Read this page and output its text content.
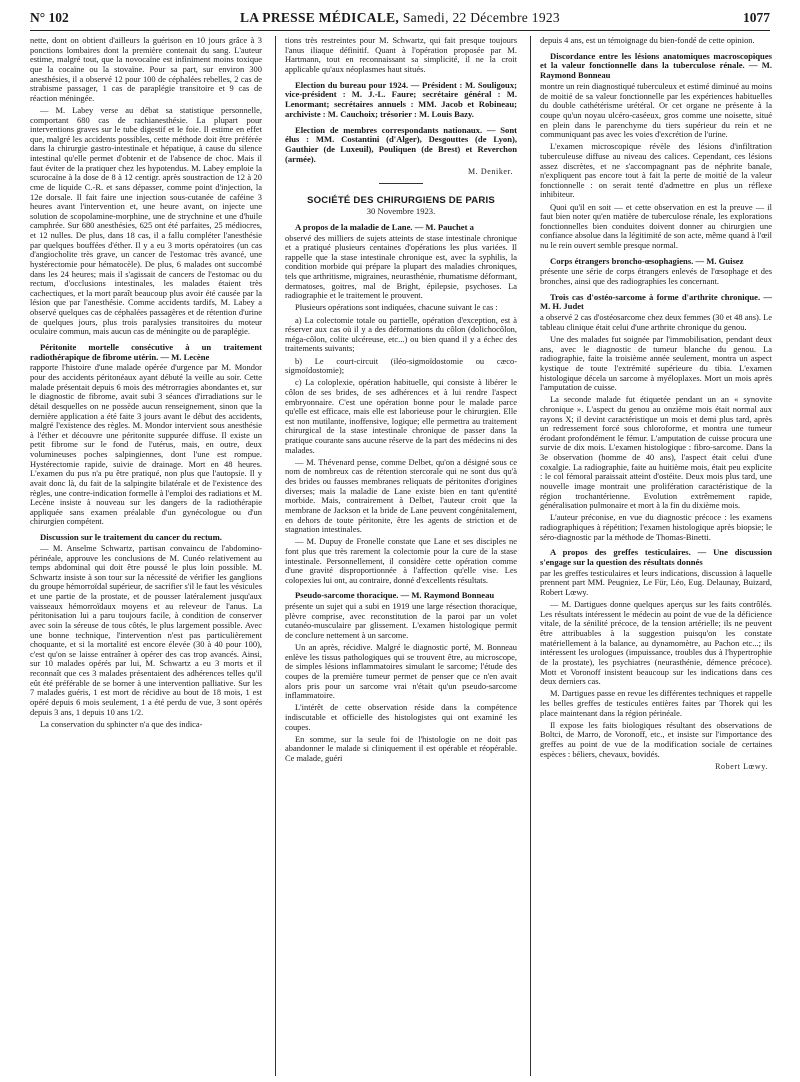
N° 102	LA PRESSE MÉDICALE, Samedi, 22 Décembre 1923	1077

nette, dont on obtient d'ailleurs la guérison en 10 jours grâce à 3 ponctions lombaires dont la première contenait du sang. L'auteur estime, malgré tout, que la novocaïne est infiniment moins toxique que la cocaïne ou la stovaïne. Pour sa part, sur environ 300 anesthésies, il a observé 12 pour 100 de céphalées rebelles, 2 cas de strabisme passager, 1 cas de paraplégie transitoire et 9 cas de réaction méningée.

— M. Labey verse au débat sa statistique personnelle, comportant 680 cas de rachianesthésie. La plupart pour interventions graves sur le tube digestif et le foie. Il estime en effet que, malgré les accidents possibles, cette méthode doit être préférée dans la chirurgie gastro-intestinale et hépatique, à cause du silence intestinal qu'elle permet d'obtenir et de l'absence de choc. Mais il faut éviter de la pratiquer chez les hypotendus. M. Labey emploie la scurocaïne à la dose de 8 à 12 centigr. après soustraction de 12 à 20 cme de liquide C.-R. et sans dépasser, comme point d'injection, la 12e dorsale. Il fait faire une injection sous-cutanée de caféine 3 heures avant l'intervention et, une heure avant, on injecte une solution de scopolamine-morphine, une de strychnine et une d'huile camphrée. Sur 680 anesthésies, 625 ont été parfaites, 25 médiocres, et 12 nulles. De plus, dans 18 cas, il a fallu compléter l'anesthésie par quelques bouffées d'éther. Il y a eu 3 morts opératoires (un cas d'angiocholite très grave, un cancer de l'estomac très avancé, une hystérectomie pour hématocèle). De plus, 6 malades ont succombé dans les 24 heures; mais il s'agissait de cancers de l'estomac ou du rectum, d'occlusions intestinales, les malades étaient très cachectiques, et la mort paraît beaucoup plus avoir été causée par la lésion que par l'anesthésie. Comme accidents tardifs, M. Labey a observé quelques cas de céphalées passagères et de rétention d'urine de quelques jours, plus trois paralysies transitoires du moteur oculaire commun, mais aucun cas de méningite ou de paraplégie.

Péritonite mortelle consécutive à un traitement radiothérapique de fibrome utérin. — M. Lecène

rapporte l'histoire d'une malade opérée d'urgence par M. Mondor pour des accidents péritonéaux ayant débuté la veille au soir. Cette malade présentait depuis 6 mois des métrorragies abondantes et, sur le diagnostic de fibrome, avait subi 3 séances d'irradiations sur le détail desquelles on ne possède aucun renseignement, sinon que la dernière application a été faite 3 jours avant le début des accidents, malgré l'existence des règles. M. Mondor intervient sous anesthésie à l'éther et découvre une péritonite suppurée diffuse. Il existe un petit fibrome sur le fond de l'utérus, mais, en outre, deux volumineuses poches salpingiennes, dont l'une est rompue. Hystérectomie rapide, suivie de drainage. Mort en 48 heures. L'examen du pus n'a pu être pratiqué, non plus que l'autopsie. Il y avait donc là, du fait de la salpingite bilatérale et de l'existence des règles, une contre-indication formelle à l'emploi des radiations et M. Lecène insiste à nouveau sur les dangers de la radiothérapie appliquée sans examen préalable d'un gynécologue ou d'un chirurgien compétent.

Discussion sur le traitement du cancer du rectum.

— M. Anselme Schwartz, partisan convaincu de l'abdomino-périnéale, approuve les conclusions de M. Cunéo relativement au temps abdominal qui doit être poussé le plus loin possible. M. Schwartz insiste à son tour sur la nécessité de vérifier les ganglions du groupe hémorroïdal supérieur, de sacrifier s'il le faut les vésicules et une partie de la prostate, et de pousser latéralement jusqu'aux vaisseaux hémorroïdaux moyens et au releveur de l'anus. La péritonisation lui a paru toujours facile, à condition de conserver avec soin la séreuse de tous côtés, le plus largement possible. Avec une bonne technique, l'intervention n'est pas particulièrement choquante, et si la mortalité est encore élevée (30 à 40 pour 100), c'est qu'on se laisse entraîner à opérer des cas trop avancés. Ainsi, sur 10 malades opérés par lui, M. Schwartz a eu 3 morts et il reconnaît que ces 3 malades présentaient des adhérences telles qu'il eût été préférable de se borner à une intervention palliative. Sur les 7 malades guéris, 1 est mort de récidive au bout de 18 mois, 1 est opéré depuis 6 mois seulement, 1 a été perdu de vue, 3 sont opérés depuis 3 ans, 1 depuis 10 ans 1/2.

La conservation du sphincter n'a que des indica-

tions très restreintes pour M. Schwartz, qui fait presque toujours l'anus iliaque définitif. Quant à l'opération proposée par M. Hartmann, tout en reconnaissant sa simplicité, il ne la croit applicable qu'aux néoplasmes haut situés.

Election du bureau pour 1924. — Président : M. Souligoux; vice-président : M. J.-L. Faure; secrétaire général : M. Lenormant; secrétaires annuels : MM. Jacob et Robineau; archiviste : M. Cauchoix; trésorier : M. Louis Bazy.
Election de membres correspondants nationaux. — Sont élus : MM. Costantini (d'Alger), Desgouttes (de Lyon), Gauthier (de Luxeuil), Pouliquen (de Brest) et Reverchon (armée).
M. Deniker.
SOCIÉTÉ DES CHIRURGIENS DE PARIS
30 Novembre 1923.
A propos de la maladie de Lane. — M. Pauchet a

observé des milliers de sujets atteints de stase intestinale chronique et a pratiqué plusieurs centaines d'opérations les plus variées. Il rappelle que la stase intestinale chronique est, avec la syphilis, la condition morbide qui prépare la plupart des maladies chroniques, tels que arthritisme, migraines, neurasthénie, rhumatisme déformant, dermatoses, goitres, mal de Bright, épilepsie, psychoses. La radiographie et le traitement le prouvent.

Plusieurs opérations sont indiquées, chacune suivant le cas :

a) La colectomie totale ou partielle, opération d'exception, est à réserver aux cas où il y a des déformations du côlon (dolichocôlon, méga-côlon, colite ulcéreuse, etc...) ou bien quand il y a échec des traitements suivants;

b) Le court-circuit (iléo-sigmoïdostomie ou cæco-sigmoïdostomie);

c) La coloplexie, opération habituelle, qui consiste à libérer le côlon de ses brides, de ses adhérences et à lui rendre l'aspect embryonnaire. C'est une opération bonne pour le malade parce qu'elle est efficace, mais elle est laborieuse pour le chirurgien. Elle est non mutilante, inoffensive, logique; elle permettra au traitement chirurgical de la stase intestinale chronique de passer dans la pratique courante sans aucune réserve de la part des médecins ni des malades.

— M. Thévenard pense, comme Delbet, qu'on a désigné sous ce nom de nombreux cas de rétention stercorale qui ne sont dus qu'à des brides ou fausses membranes reliquats de péritonites d'origines diverses; mais la maladie de Lane existe bien en tant qu'entité morbide. Mais, contrairement à Delbet, l'auteur croit que la membrane de Jackson et la bride de Lane peuvent congénitalement, en dehors de toute péritonite, être les agents de striction et de stagnation intestinales.

— M. Dupuy de Fronelle constate que Lane et ses disciples ne font plus que très rarement la colectomie pour la cure de la stase intestinale. Personnellement, il considère cette opération comme d'une gravité disproportionnée à l'affection qu'elle vise. Les colopexies lui ont, au contraire, donné d'excellents résultats.

Pseudo-sarcome thoracique. — M. Raymond Bonneau

présente un sujet qui a subi en 1919 une large résection thoracique, plèvre comprise, avec reconstitution de la paroi par un volet cutanéo-musculaire par glissement. L'examen histologique permit de conclure nettement à un sarcome.

Un an après, récidive. Malgré le diagnostic porté, M. Bonneau enlève les tissus pathologiques qui se trouvent être, au microscope, de simples lésions inflammatoires simulant le sarcome; l'étude des coupes de la première tumeur permet de penser que ce n'en avait alors pris pour un sarcome vrai n'était qu'un pseudo-sarcome inflammatoire.

L'intérêt de cette observation réside dans la compétence indiscutable et officielle des histologistes qui ont examiné les coupes.

En somme, sur la seule foi de l'histologie on ne doit pas abandonner le malade si cliniquement il est opérable et réopérable. Ce malade, guéri

depuis 4 ans, est un témoignage du bien-fondé de cette opinion.

Discordance entre les lésions anatomiques macroscopiques et la valeur fonctionnelle dans la tuberculose rénale. — M. Raymond Bonneau

montre un rein diagnostiqué tuberculeux et estimé diminué au moins de moitié de sa valeur fonctionnelle par les expériences habituelles du double cathétérisme urétéral. Or cet organe ne présente à la coupe qu'un noyau ulcéro-caséeux, gros comme une noisette, situé en plein dans le parenchyme du tiers supérieur du rein et ne communiquant pas avec les voies d'excrétion de l'urine.

L'examen microscopique révèle des lésions d'infiltration tuberculeuse diffuse au niveau des calices. Cependant, ces lésions assez discrètes, et ne s'accompagnant pas de néphrite banale, n'expliquent pas encore tout à fait la perte de moitié de la valeur fonctionnelle : on serait tenté d'admettre en plus un réflexe inhibiteur.

Quoi qu'il en soit — et cette observation en est la preuve — il faut bien noter qu'en matière de tuberculose rénale, les explorations fonctionnelles bien conduites doivent donner au chirurgien une confiance absolue dans la légitimité de son acte, même quand à l'œil nu le rein ouvert semble presque normal.

Corps étrangers broncho-œsophagiens. — M. Guisez

présente une série de corps étrangers enlevés de l'œsophage et des bronches, ainsi que des radiographies les concernant.

Trois cas d'ostéo-sarcome à forme d'arthrite chronique. — M. H. Judet

a observé 2 cas d'ostéosarcome chez deux femmes (30 et 48 ans). Le tableau clinique était celui d'une arthrite chronique du genou.

Une des malades fut soignée par l'immobilisation, pendant deux ans, avec le diagnostic de tumeur blanche du genou. La radiographie, faite la troisième année seulement, montra un aspect kystique de toute l'extrémité supérieure du tibia. L'examen histologique décela un sarcome à myéloplaxes. Mort un mois après l'amputation de cuisse.

La seconde malade fut étiquetée pendant un an « synovite chronique ». L'aspect du genou au onzième mois était normal aux rayons X; il devint caractéristique un mois et demi plus tard, après un redressement forcé sous chloroforme, et montra une tumeur érodant profondément le fémur. L'amputation de cuisse procura une survie de dix mois. L'examen histologique : fibro-sarcome. Dans la 3e observation (homme de 40 ans), l'aspect était celui d'une coxalgie. La radiographie, faite au huitième mois, était peu explicite : le col fémoral paraissait atteint d'ostéite. Deux mois plus tard, une nouvelle image montrait une prolifération caractéristique de la région trochantérienne. Evolution extrêmement rapide, généralisation pulmonaire et mort à la fin du dixième mois.

L'auteur préconise, en vue du diagnostic précoce : les examens radiographiques à répétition; l'examen histologique après biopsie; le séro-diagnostic par la méthode de Thomas-Binetti.

A propos des greffes testiculaires. — Une discussion s'engage sur la question des résultats donnés

par les greffes testiculaires et leurs indications, discussion à laquelle prennent part MM. Peugniez, Le Für, Léo, Eug. Delaunay, Buizard, Robert Lœwy.

— M. Dartigues donne quelques aperçus sur les faits contrôlés. Les résultats intéressent le médecin au point de vue de la déficience vitale, de la sénilité précoce, de la tension artérielle; ils ne peuvent être attribuables à la suggestion puisqu'on les constate matériellement à la balance, au dynamomètre, au Pachon etc...; ils intéressent les urologues (impuissance, troubles dus à l'hypertrophie de la prostate), les psychiatres (neurasthénie, démence précoce). Mott et Voronoff insistent beaucoup sur les indications dans ces deux derniers cas.

M. Dartigues passe en revue les différentes techniques et rappelle les belles greffes de testicules entières faites par Thorek qui les place maintenant dans la région périnéale.

Il expose les faits biologiques résultant des observations de Boltci, de Marro, de Voronoff, etc., et insiste sur l'importance des greffes au point de vue de la modification sociale de certaines espèces : béliers, chevaux, bovidés.

Robert Lœwy.
